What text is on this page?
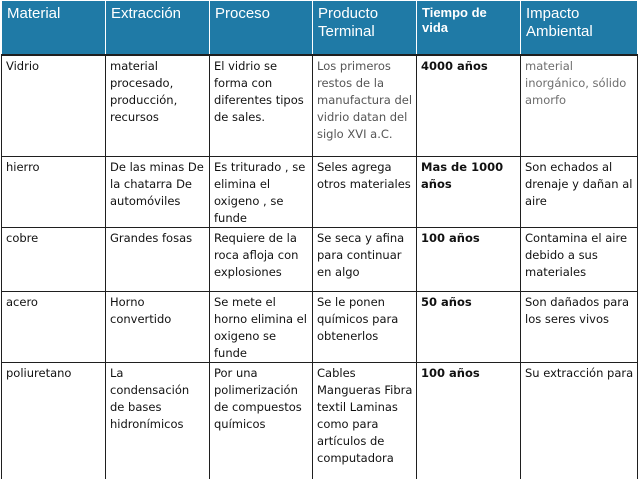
Material	Extracción	Proceso	Producto Terminal	Tiempo de vida	Impacto Ambiental
Vidrio	material procesado, producción, recursos	El vidrio se forma con diferentes tipos de sales.	Los primeros restos de la manufactura del vidrio datan del siglo XVI a.C.	4000 años	material inorgánico, sólido amorfo
hierro	De las minas De la chatarra De automóviles	Es triturado , se elimina el oxigeno , se funde	Seles agrega otros materiales	Mas de 1000 años	Son echados al drenaje y dañan al aire
cobre	Grandes fosas	Requiere de la roca afloja con explosiones	Se seca y afina para continuar en algo	100 años	Contamina el aire debido a sus materiales
acero	Horno convertido	Se mete el horno elimina el oxigeno se funde	Se le ponen químicos para obtenerlos	50 años	Son dañados para los seres vivos
poliuretano	La condensación de bases hidronímicos	Por una polimerización de compuestos químicos	Cables Mangueras Fibra textil Laminas como para artículos de computadora	100 años	Su extracción para
